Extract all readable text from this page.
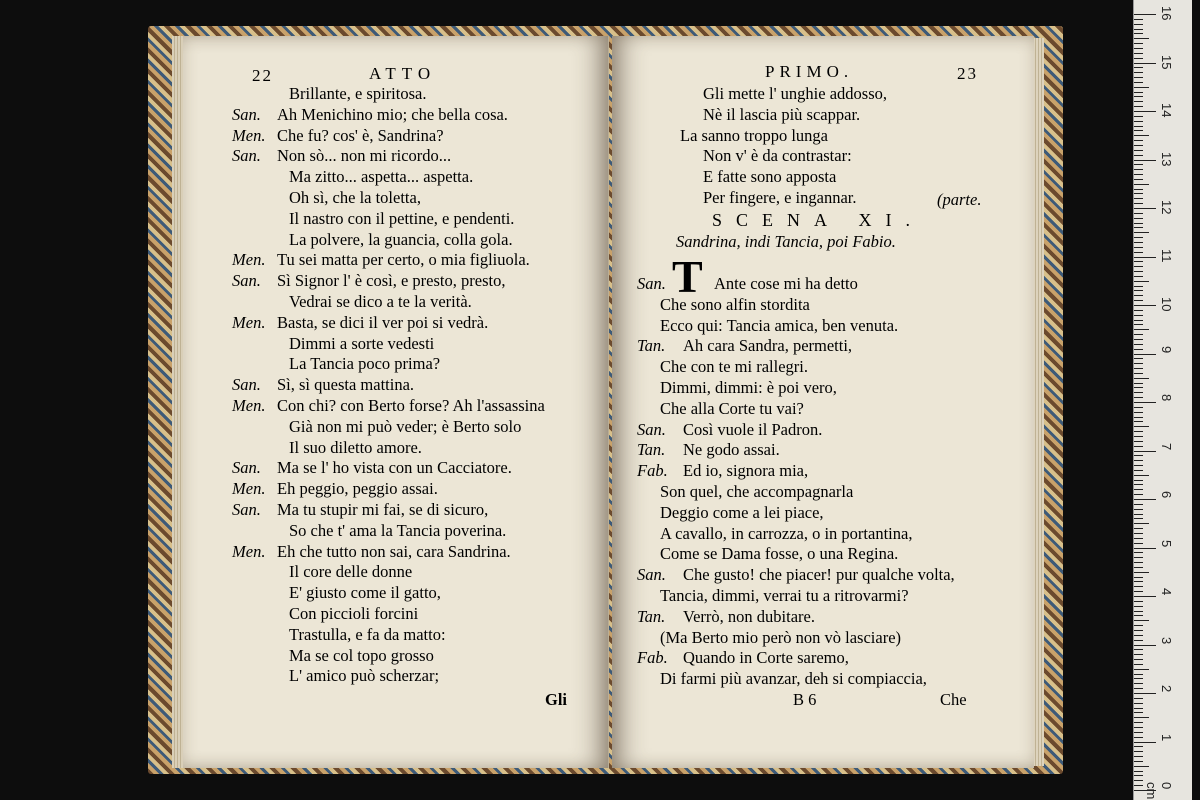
22	ATTO
Brillante, e spiritosa.
San. Ah Menichino mio; che bella cosa.
Men. Che fu? cos' è, Sandrina?
San. Non sò... non mi ricordo...
Ma zitto... aspetta... aspetta.
Oh sì, che la toletta,
Il nastro con il pettine, e pendenti.
La polvere, la guancia, colla gola.
Men. Tu sei matta per certo, o mia figliuola.
San. Sì Signor l' è così, e presto, presto,
Vedrai se dico a te la verità.
Men. Basta, se dici il ver poi si vedrà.
Dimmi a sorte vedesti
La Tancia poco prima?
San. Sì, sì questa mattina.
Men. Con chi? con Berto forse? Ah l'assassina
Già non mi può veder; è Berto solo
Il suo diletto amore.
San. Ma se l' ho vista con un Cacciatore.
Men. Eh peggio, peggio assai.
San. Ma tu stupir mi fai, se di sicuro,
So che t' ama la Tancia poverina.
Men. Eh che tutto non sai, cara Sandrina.
Il core delle donne
E' giusto come il gatto,
Con piccioli forcini
Trastulla, e fa da matto:
Ma se col topo grosso
L' amico può scherzar;
Gli
PRIMO.	23
Gli mette l' unghie addosso,
Nè il lascia più scappar.
La sanno troppo lunga
Non v' è da contrastar:
E fatte sono apposta
Per fingere, e ingannar.	(parte.
SCENA XI.
Sandrina, indi Tancia, poi Fabio.
T
San.	Ante cose mi ha detto
Che sono alfin stordita
Ecco qui: Tancia amica, ben venuta.
Tan. Ah cara Sandra, permetti,
Che con te mi rallegri.
Dimmi, dimmi: è poi vero,
Che alla Corte tu vai?
San. Così vuole il Padron.
Tan. Ne godo assai.
Fab. Ed io, signora mia,
Son quel, che accompagnarla
Deggio come a lei piace,
A cavallo, in carrozza, o in portantina,
Come se Dama fosse, o una Regina.
San. Che gusto! che piacer! pur qualche volta,
Tancia, dimmi, verrai tu a ritrovarmi?
Tan. Verrò, non dubitare.
(Ma Berto mio però non vò lasciare)
Fab. Quando in Corte saremo,
Di farmi più avanzar, deh si compiaccia,
B 6	Che
16
15
14
13
12
11
10
9
8
7
6
5
4
3
2
1
0 cm
